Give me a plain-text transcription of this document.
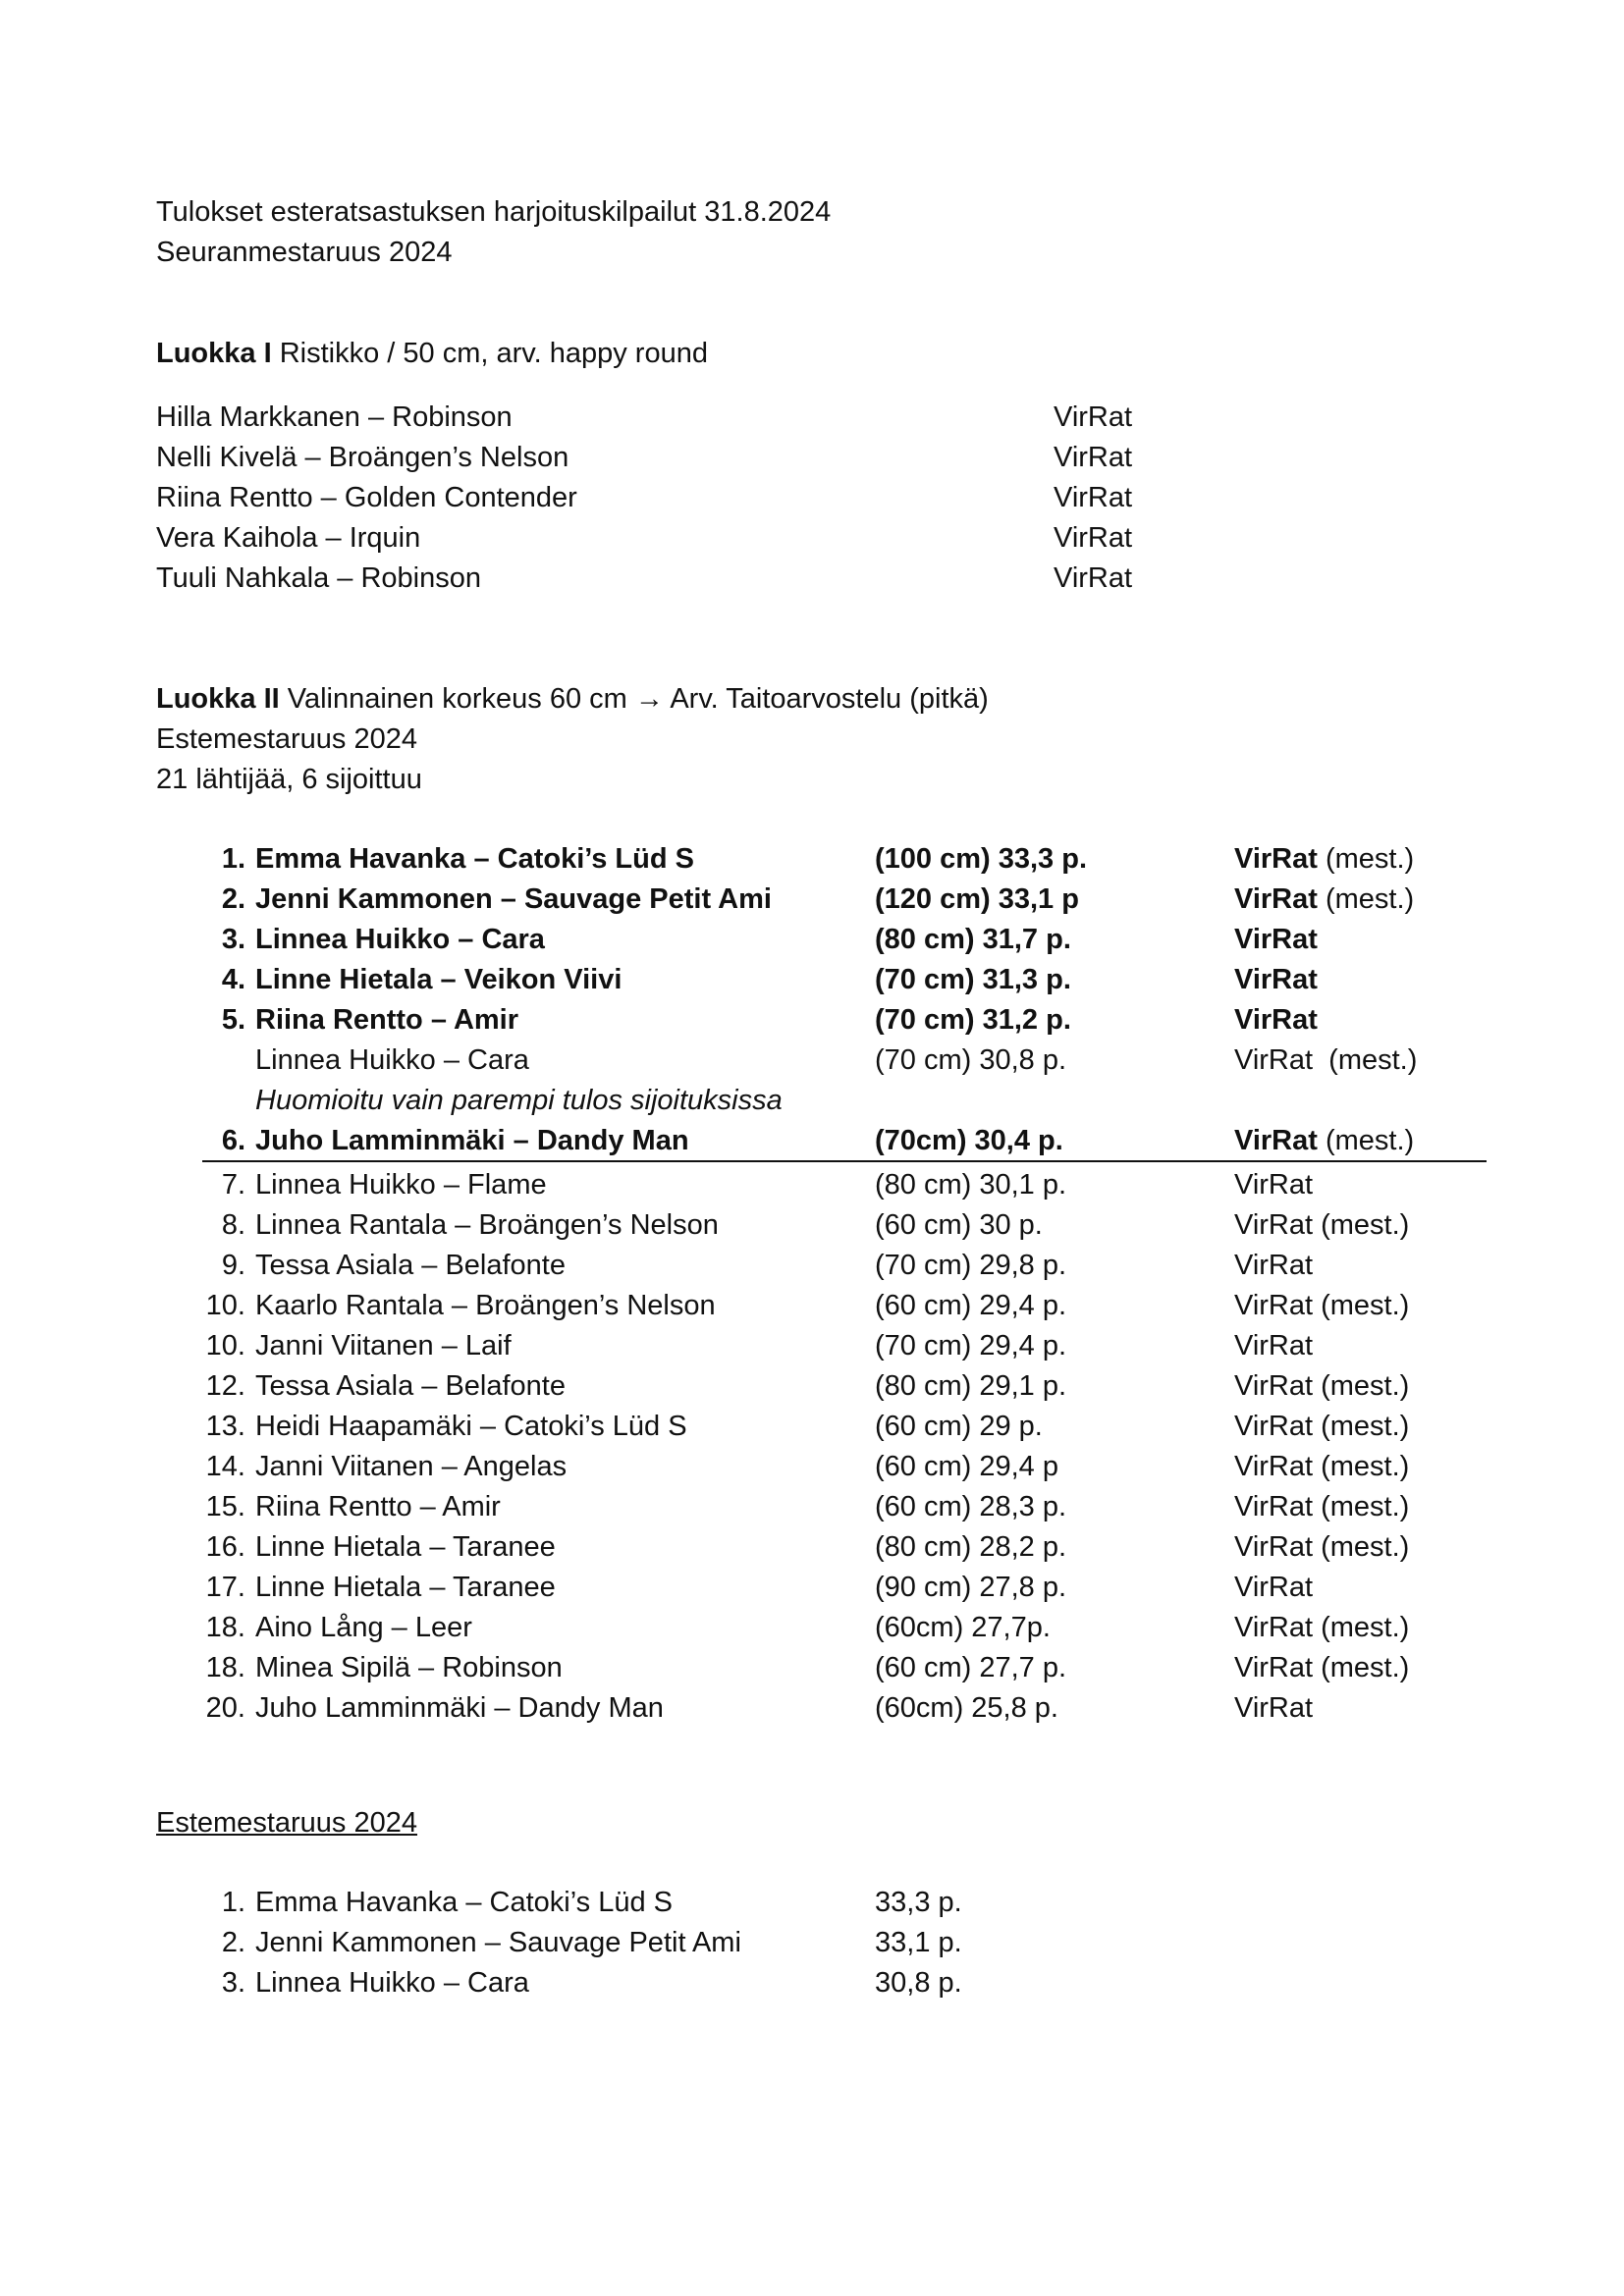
Tulokset esteratsastuksen harjoituskilpailut 31.8.2024
Seuranmestaruus 2024
Luokka I Ristikko / 50 cm, arv. happy round
Hilla Markkanen – Robinson	VirRat
Nelli Kivelä – Broängen’s Nelson	VirRat
Riina Rentto – Golden Contender	VirRat
Vera Kaihola – Irquin	VirRat
Tuuli Nahkala – Robinson	VirRat
Luokka II Valinnainen korkeus 60 cm → Arv. Taitoarvostelu (pitkä)
Estemestaruus 2024
21 lähtijää, 6 sijoittuu
1. Emma Havanka – Catoki’s Lüd S	(100 cm) 33,3 p.	VirRat (mest.)
2. Jenni Kammonen – Sauvage Petit Ami	(120 cm) 33,1 p	VirRat (mest.)
3. Linnea Huikko – Cara	(80 cm) 31,7 p.	VirRat
4. Linne Hietala – Veikon Viivi	(70 cm) 31,3 p.	VirRat
5. Riina Rentto – Amir	(70 cm) 31,2 p.	VirRat
Linnea Huikko – Cara	(70 cm) 30,8 p.	VirRat  (mest.)
Huomioitu vain parempi tulos sijoituksissa
6. Juho Lamminmäki – Dandy Man	(70cm) 30,4 p.	VirRat (mest.)
7. Linnea Huikko – Flame	(80 cm) 30,1 p.	VirRat
8. Linnea Rantala – Broängen’s Nelson	(60 cm) 30 p.	VirRat (mest.)
9. Tessa Asiala – Belafonte	(70 cm) 29,8 p.	VirRat
10. Kaarlo Rantala – Broängen’s Nelson	(60 cm) 29,4 p.	VirRat (mest.)
10. Janni Viitanen – Laif	(70 cm) 29,4 p.	VirRat
12. Tessa Asiala – Belafonte	(80 cm) 29,1 p.	VirRat (mest.)
13. Heidi Haapamäki – Catoki’s Lüd S	(60 cm) 29 p.	VirRat (mest.)
14. Janni Viitanen – Angelas	(60 cm) 29,4 p	VirRat (mest.)
15. Riina Rentto – Amir	(60 cm) 28,3 p.	VirRat (mest.)
16. Linne Hietala – Taranee	(80 cm) 28,2 p.	VirRat (mest.)
17. Linne Hietala – Taranee	(90 cm) 27,8 p.	VirRat
18. Aino Lång – Leer	(60cm) 27,7p.	VirRat (mest.)
18. Minea Sipilä – Robinson	(60 cm) 27,7 p.	VirRat (mest.)
20. Juho Lamminmäki – Dandy Man	(60cm) 25,8 p.	VirRat
Estemestaruus 2024
1. Emma Havanka – Catoki’s Lüd S	33,3 p.
2. Jenni Kammonen – Sauvage Petit Ami	33,1 p.
3. Linnea Huikko – Cara	30,8 p.
